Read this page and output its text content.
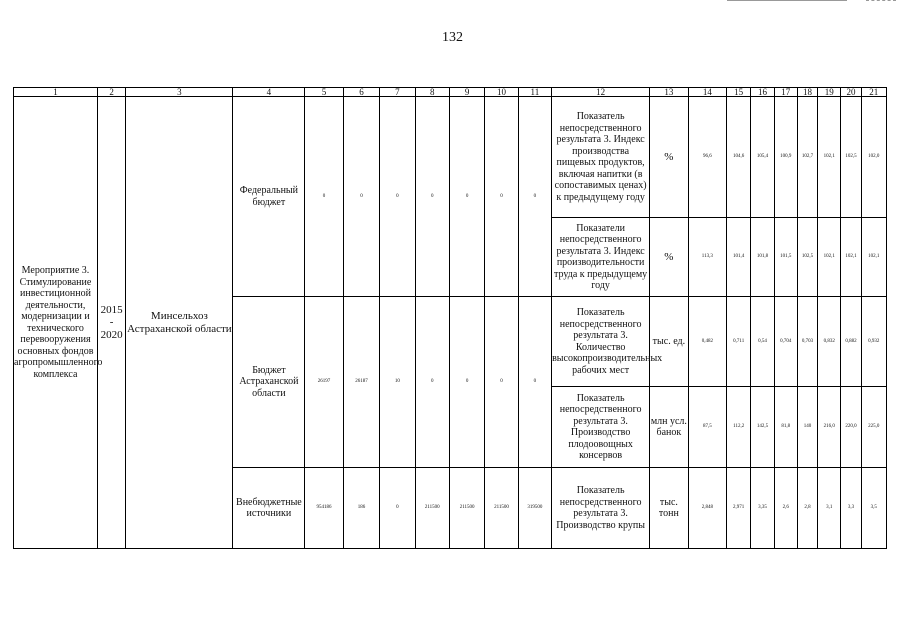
132
1	2	3	4	5	6	7	8	9	10	11	12	13	14	15	16	17	18	19	20	21
Мероприятие 3. Стимулирование инвестиционной деятельности, модернизации и технического перевооружения основных фондов агропромышленного комплекса	2015 - 2020	Минсельхоз Астраханской области	Федеральный бюджет	0	0	0	0	0	0	0	Показатель непосредственного результата 3. Индекс производства пищевых продуктов, включая напитки (в сопоставимых ценах) к предыдущему году	%	96,6	104,6	105,4	100,9	102,7	102,1	102,5	102,0
											Показатели непосредственного результата 3. Индекс производительности труда к предыдущему году	%	113,3	101,4	101,8	101,5	102,5	102,1	102,1	102,1
			Бюджет Астраханской области	26197	26187	10	0	0	0	0	Показатель непосредственного результата 3. Количество высокопроизводительных рабочих мест	тыс. ед.	0,482	0,711	0,54	0,704	0,703	0,832	0,882	0,932
											Показатель непосредственного результата 3. Производство плодоовощных консервов	млн усл. банок	87,5	112,2	142,5	81,8	140	216,0	220,0	225,0
			Внебюджетные источники	954186	186	0	211500	211500	211500	319500	Показатель непосредственного результата 3. Производство крупы	тыс. тонн	2,848	2,971	3,35	2,6	2,8	3,1	3,3	3,5
